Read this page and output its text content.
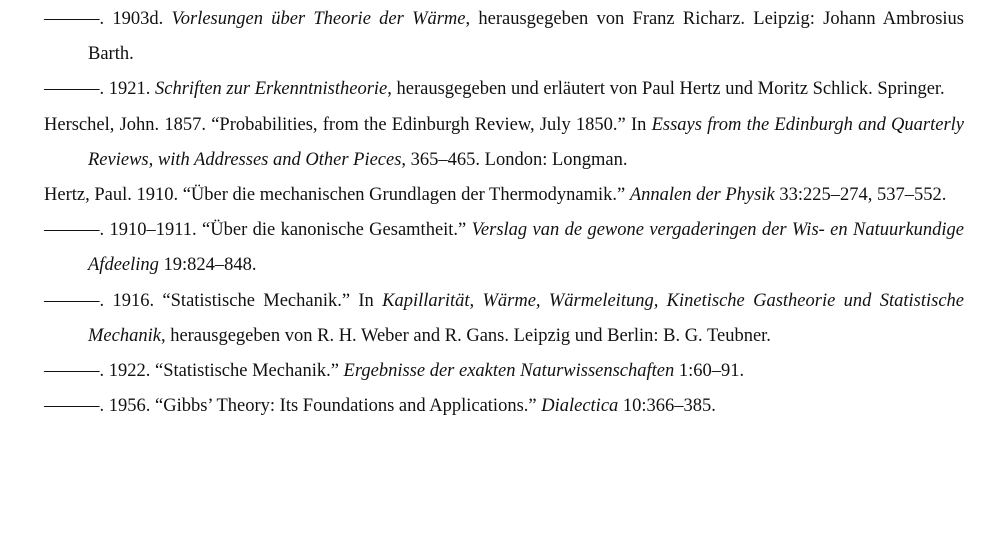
———. 1903d. Vorlesungen über Theorie der Wärme, herausgegeben von Franz Richarz. Leipzig: Johann Ambrosius Barth.

———. 1921. Schriften zur Erkenntnistheorie, herausgegeben und erläutert von Paul Hertz und Moritz Schlick. Springer.

Herschel, John. 1857. “Probabilities, from the Edinburgh Review, July 1850.” In Essays from the Edinburgh and Quarterly Reviews, with Addresses and Other Pieces, 365–465. London: Longman.

Hertz, Paul. 1910. “Über die mechanischen Grundlagen der Thermodynamik.” Annalen der Physik 33:225–274, 537–552.

———. 1910–1911. “Über die kanonische Gesamtheit.” Verslag van de gewone vergaderingen der Wis- en Natuurkundige Afdeeling 19:824–848.

———. 1916. “Statistische Mechanik.” In Kapillarität, Wärme, Wärmeleitung, Kinetische Gastheorie und Statistische Mechanik, herausgegeben von R. H. Weber and R. Gans. Leipzig und Berlin: B. G. Teubner.

———. 1922. “Statistische Mechanik.” Ergebnisse der exakten Naturwissenschaften 1:60–91.

———. 1956. “Gibbs’ Theory: Its Foundations and Applications.” Dialectica 10:366–385.
